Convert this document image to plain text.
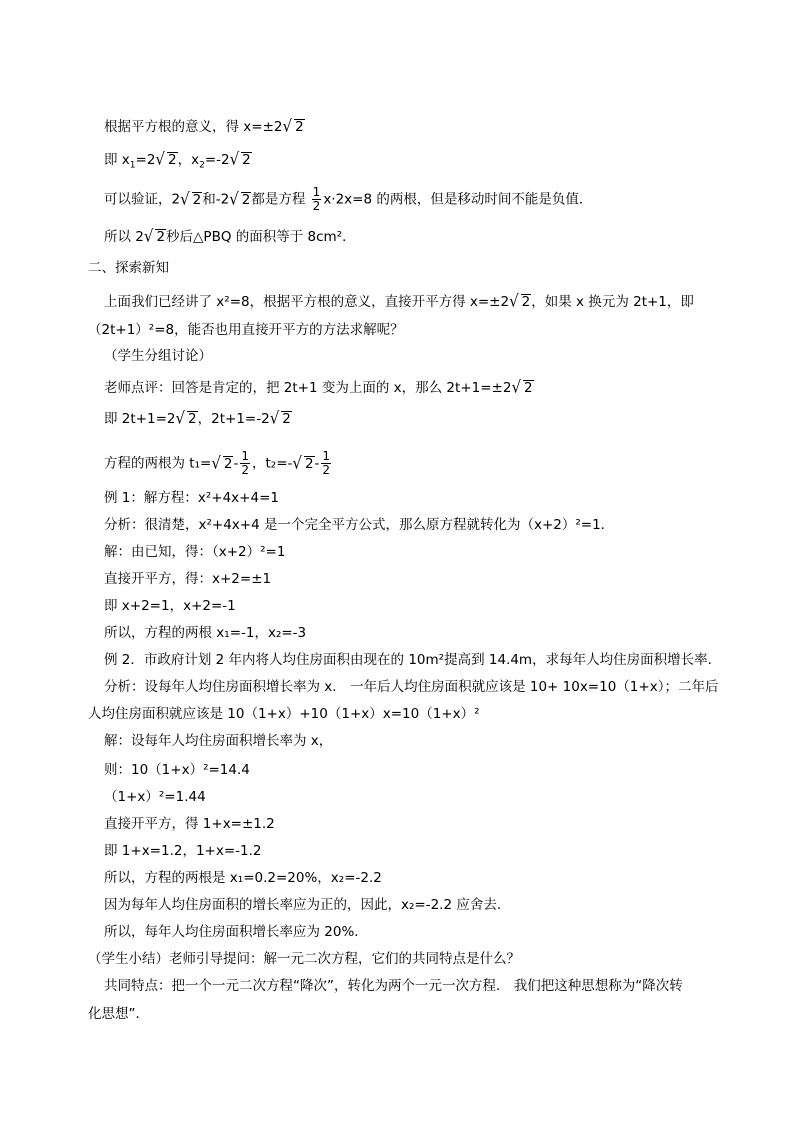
根据平方根的意义，得 x=±2√ 2
即 $x_1=2√$ 2，$x_2=-2√$ 2
可以验证，2√ 2和-2√ 2都是方程 $\frac{1}{2} x\cdot 2x=8$ 的两根，但是移动时间不能是负值．
所以 2√ 2秒后△PBQ 的面积等于 8cm²．
二、探索新知
上面我们已经讲了 x²=8，根据平方根的意义，直接开平方得 x=±2√ 2，如果 x 换元为 2t+1，即
（2t+1）²=8，能否也用直接开平方的方法求解呢？
（学生分组讨论）
老师点评：回答是肯定的，把 2t+1 变为上面的 x，那么 2t+1=±2√ 2
即 2t+1=2√ 2，2t+1=-2√ 2
方程的两根为 t₁=√ $2- \frac{1}{2}$ ，t₂=-√ $2- \frac{1}{2}$
例 1：解方程：x²+4x+4=1
分析：很清楚，x²+4x+4 是一个完全平方公式，那么原方程就转化为（x+2）²=1．
解：由已知，得：（x+2）²=1
直接开平方，得：x+2=±1
即 x+2=1，x+2=-1
所以，方程的两根 x₁=-1，x₂=-3
例 2．市政府计划 2 年内将人均住房面积由现在的 10m²提高到 14.4m，求每年人均住房面积增长率．
分析：设每年人均住房面积增长率为 x． 一年后人均住房面积就应该是 10+ 10x=10（1+x）；二年后
人均住房面积就应该是 10（1+x）+10（1+x）x=10（1+x）²
解：设每年人均住房面积增长率为 x，
则：10（1+x）²=14.4
（1+x）²=1.44
直接开平方，得 1+x=±1.2
即 1+x=1.2，1+x=-1.2
所以，方程的两根是 x₁=0.2=20%，x₂=-2.2
因为每年人均住房面积的增长率应为正的，因此，x₂=-2.2 应舍去．
所以，每年人均住房面积增长率应为 20%．
（学生小结）老师引导提问：解一元二次方程，它们的共同特点是什么？
共同特点：把一个一元二次方程“降次”，转化为两个一元一次方程． 我们把这种思想称为“降次转
化思想”．
